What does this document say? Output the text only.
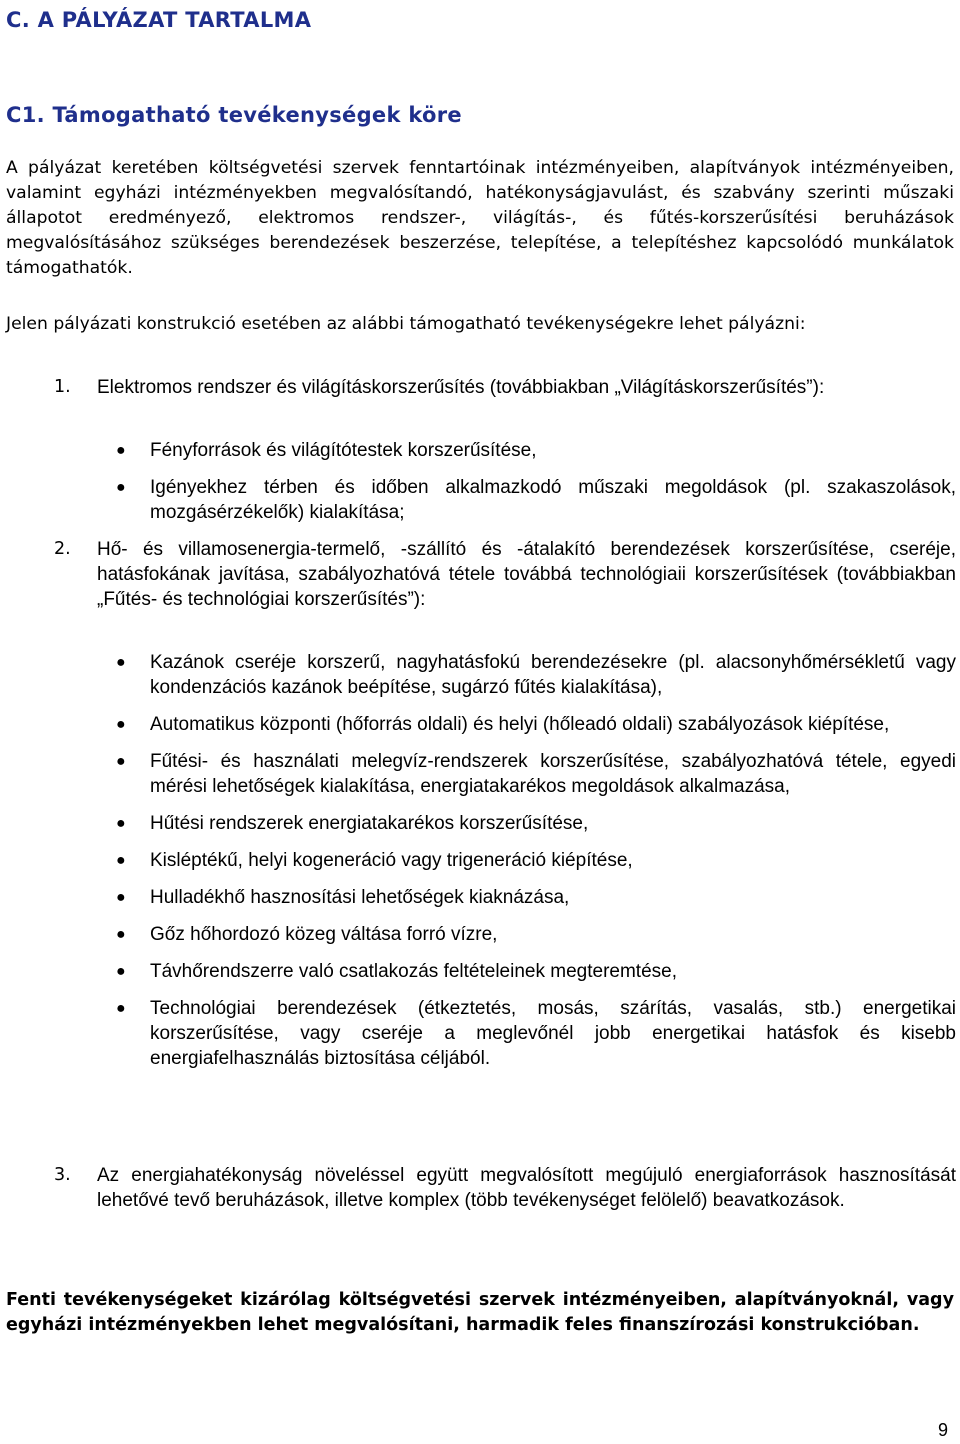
C. A PÁLYÁZAT TARTALMA
C1. Támogatható tevékenységek köre
A pályázat keretében költségvetési szervek fenntartóinak intézményeiben, alapítványok intézményeiben, valamint egyházi intézményekben megvalósítandó, hatékonyságjavulást, és szabvány szerinti műszaki állapotot eredményező, elektromos rendszer-, világítás-, és fűtés-korszerűsítési beruházások megvalósításához szükséges berendezések beszerzése, telepítése, a telepítéshez kapcsolódó munkálatok támogathatók.
Jelen pályázati konstrukció esetében az alábbi támogatható tevékenységekre lehet pályázni:
1. Elektromos rendszer és világításkorszerűsítés (továbbiakban „Világításkorszerűsítés”):
● Fényforrások és világítótestek korszerűsítése,
● Igényekhez térben és időben alkalmazkodó műszaki megoldások (pl. szakaszolások, mozgásérzékelők) kialakítása;
2. Hő- és villamosenergia-termelő, -szállító és -átalakító berendezések korszerűsítése, cseréje, hatásfokának javítása, szabályozhatóvá tétele továbbá technológiaii korszerűsítések (továbbiakban „Fűtés- és technológiai korszerűsítés”):
● Kazánok cseréje korszerű, nagyhatásfokú berendezésekre (pl. alacsonyhőmérsékletű vagy kondenzációs kazánok beépítése, sugárzó fűtés kialakítása),
● Automatikus központi (hőforrás oldali) és helyi (hőleadó oldali) szabályozások kiépítése,
● Fűtési- és használati melegvíz-rendszerek korszerűsítése, szabályozhatóvá tétele, egyedi mérési lehetőségek kialakítása, energiatakarékos megoldások alkalmazása,
● Hűtési rendszerek energiatakarékos korszerűsítése,
● Kisléptékű, helyi kogeneráció vagy trigeneráció kiépítése,
● Hulladékhő hasznosítási lehetőségek kiaknázása,
● Gőz hőhordozó közeg váltása forró vízre,
● Távhőrendszerre való csatlakozás feltételeinek megteremtése,
● Technológiai berendezések (étkeztetés, mosás, szárítás, vasalás, stb.) energetikai korszerűsítése, vagy cseréje a meglevőnél jobb energetikai hatásfok és kisebb energiafelhasználás biztosítása céljából.
3. Az energiahatékonyság növeléssel együtt megvalósított megújuló energiaforrások hasznosítását lehetővé tevő beruházások, illetve komplex (több tevékenységet felölelő) beavatkozások.
Fenti tevékenységeket kizárólag költségvetési szervek intézményeiben, alapítványoknál, vagy egyházi intézményekben lehet megvalósítani, harmadik feles finanszírozási konstrukcióban.
9
